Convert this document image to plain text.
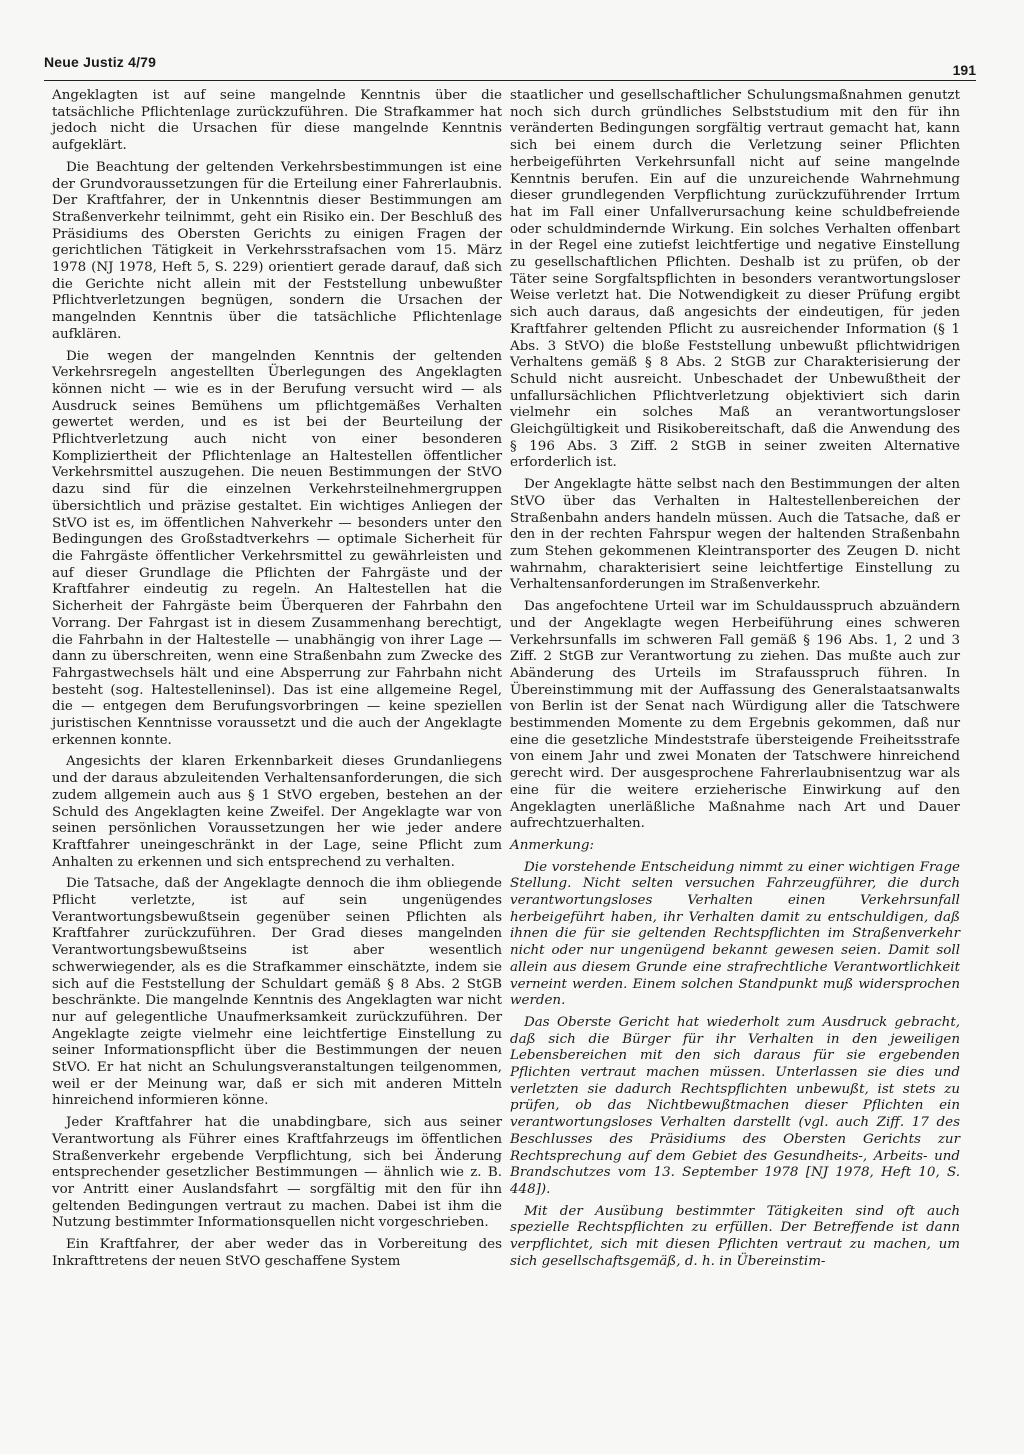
Neue Justiz 4/79	191

Angeklagten ist auf seine mangelnde Kenntnis über die tatsächliche Pflichtenlage zurückzuführen. Die Strafkammer hat jedoch nicht die Ursachen für diese mangelnde Kenntnis aufgeklärt.

Die Beachtung der geltenden Verkehrsbestimmungen ist eine der Grundvoraussetzungen für die Erteilung einer Fahrerlaubnis. Der Kraftfahrer, der in Unkenntnis dieser Bestimmungen am Straßenverkehr teilnimmt, geht ein Risiko ein. Der Beschluß des Präsidiums des Obersten Gerichts zu einigen Fragen der gerichtlichen Tätigkeit in Verkehrsstrafsachen vom 15. März 1978 (NJ 1978, Heft 5, S. 229) orientiert gerade darauf, daß sich die Gerichte nicht allein mit der Feststellung unbewußter Pflichtverletzungen begnügen, sondern die Ursachen der mangelnden Kenntnis über die tatsächliche Pflichtenlage aufklären.

Die wegen der mangelnden Kenntnis der geltenden Verkehrsregeln angestellten Überlegungen des Angeklagten können nicht — wie es in der Berufung versucht wird — als Ausdruck seines Bemühens um pflichtgemäßes Verhalten gewertet werden, und es ist bei der Beurteilung der Pflichtverletzung auch nicht von einer besonderen Kompliziertheit der Pflichtenlage an Haltestellen öffentlicher Verkehrsmittel auszugehen. Die neuen Bestimmungen der StVO dazu sind für die einzelnen Verkehrsteilnehmergruppen übersichtlich und präzise gestaltet. Ein wichtiges Anliegen der StVO ist es, im öffentlichen Nahverkehr — besonders unter den Bedingungen des Großstadtverkehrs — optimale Sicherheit für die Fahrgäste öffentlicher Verkehrsmittel zu gewährleisten und auf dieser Grundlage die Pflichten der Fahrgäste und der Kraftfahrer eindeutig zu regeln. An Haltestellen hat die Sicherheit der Fahrgäste beim Überqueren der Fahrbahn den Vorrang. Der Fahrgast ist in diesem Zusammenhang berechtigt, die Fahrbahn in der Haltestelle — unabhängig von ihrer Lage — dann zu überschreiten, wenn eine Straßenbahn zum Zwecke des Fahrgastwechsels hält und eine Absperrung zur Fahrbahn nicht besteht (sog. Haltestelleninsel). Das ist eine allgemeine Regel, die — entgegen dem Berufungsvorbringen — keine speziellen juristischen Kenntnisse voraussetzt und die auch der Angeklagte erkennen konnte.

Angesichts der klaren Erkennbarkeit dieses Grundanliegens und der daraus abzuleitenden Verhaltensanforderungen, die sich zudem allgemein auch aus § 1 StVO ergeben, bestehen an der Schuld des Angeklagten keine Zweifel. Der Angeklagte war von seinen persönlichen Voraussetzungen her wie jeder andere Kraftfahrer uneingeschränkt in der Lage, seine Pflicht zum Anhalten zu erkennen und sich entsprechend zu verhalten.

Die Tatsache, daß der Angeklagte dennoch die ihm obliegende Pflicht verletzte, ist auf sein ungenügendes Verantwortungsbewußtsein gegenüber seinen Pflichten als Kraftfahrer zurückzuführen. Der Grad dieses mangelnden Verantwortungsbewußtseins ist aber wesentlich schwerwiegender, als es die Strafkammer einschätzte, indem sie sich auf die Feststellung der Schuldart gemäß § 8 Abs. 2 StGB beschränkte. Die mangelnde Kenntnis des Angeklagten war nicht nur auf gelegentliche Unaufmerksamkeit zurückzuführen. Der Angeklagte zeigte vielmehr eine leichtfertige Einstellung zu seiner Informationspflicht über die Bestimmungen der neuen StVO. Er hat nicht an Schulungsveranstaltungen teilgenommen, weil er der Meinung war, daß er sich mit anderen Mitteln hinreichend informieren könne.

Jeder Kraftfahrer hat die unabdingbare, sich aus seiner Verantwortung als Führer eines Kraftfahrzeugs im öffentlichen Straßenverkehr ergebende Verpflichtung, sich bei Änderung entsprechender gesetzlicher Bestimmungen — ähnlich wie z. B. vor Antritt einer Auslandsfahrt — sorgfältig mit den für ihn geltenden Bedingungen vertraut zu machen. Dabei ist ihm die Nutzung bestimmter Informationsquellen nicht vorgeschrieben.

Ein Kraftfahrer, der aber weder das in Vorbereitung des Inkrafttretens der neuen StVO geschaffene System

staatlicher und gesellschaftlicher Schulungsmaßnahmen genutzt noch sich durch gründliches Selbststudium mit den für ihn veränderten Bedingungen sorgfältig vertraut gemacht hat, kann sich bei einem durch die Verletzung seiner Pflichten herbeigeführten Verkehrsunfall nicht auf seine mangelnde Kenntnis berufen. Ein auf die unzureichende Wahrnehmung dieser grundlegenden Verpflichtung zurückzuführender Irrtum hat im Fall einer Unfallverursachung keine schuldbefreiende oder schuldmindernde Wirkung. Ein solches Verhalten offenbart in der Regel eine zutiefst leichtfertige und negative Einstellung zu gesellschaftlichen Pflichten. Deshalb ist zu prüfen, ob der Täter seine Sorgfaltspflichten in besonders verantwortungsloser Weise verletzt hat. Die Notwendigkeit zu dieser Prüfung ergibt sich auch daraus, daß angesichts der eindeutigen, für jeden Kraftfahrer geltenden Pflicht zu ausreichender Information (§ 1 Abs. 3 StVO) die bloße Feststellung unbewußt pflichtwidrigen Verhaltens gemäß § 8 Abs. 2 StGB zur Charakterisierung der Schuld nicht ausreicht. Unbeschadet der Unbewußtheit der unfallursächlichen Pflichtverletzung objektiviert sich darin vielmehr ein solches Maß an verantwortungsloser Gleichgültigkeit und Risikobereitschaft, daß die Anwendung des § 196 Abs. 3 Ziff. 2 StGB in seiner zweiten Alternative erforderlich ist.

Der Angeklagte hätte selbst nach den Bestimmungen der alten StVO über das Verhalten in Haltestellenbereichen der Straßenbahn anders handeln müssen. Auch die Tatsache, daß er den in der rechten Fahrspur wegen der haltenden Straßenbahn zum Stehen gekommenen Kleintransporter des Zeugen D. nicht wahrnahm, charakterisiert seine leichtfertige Einstellung zu Verhaltensanforderungen im Straßenverkehr.

Das angefochtene Urteil war im Schuldausspruch abzuändern und der Angeklagte wegen Herbeiführung eines schweren Verkehrsunfalls im schweren Fall gemäß § 196 Abs. 1, 2 und 3 Ziff. 2 StGB zur Verantwortung zu ziehen. Das mußte auch zur Abänderung des Urteils im Strafausspruch führen. In Übereinstimmung mit der Auffassung des Generalstaatsanwalts von Berlin ist der Senat nach Würdigung aller die Tatschwere bestimmenden Momente zu dem Ergebnis gekommen, daß nur eine die gesetzliche Mindeststrafe übersteigende Freiheitsstrafe von einem Jahr und zwei Monaten der Tatschwere hinreichend gerecht wird. Der ausgesprochene Fahrerlaubnisentzug war als eine für die weitere erzieherische Einwirkung auf den Angeklagten unerläßliche Maßnahme nach Art und Dauer aufrechtzuerhalten.

Anmerkung:

Die vorstehende Entscheidung nimmt zu einer wichtigen Frage Stellung. Nicht selten versuchen Fahrzeugführer, die durch verantwortungsloses Verhalten einen Verkehrsunfall herbeigeführt haben, ihr Verhalten damit zu entschuldigen, daß ihnen die für sie geltenden Rechtspflichten im Straßenverkehr nicht oder nur ungenügend bekannt gewesen seien. Damit soll allein aus diesem Grunde eine strafrechtliche Verantwortlichkeit verneint werden. Einem solchen Standpunkt muß widersprochen werden.

Das Oberste Gericht hat wiederholt zum Ausdruck gebracht, daß sich die Bürger für ihr Verhalten in den jeweiligen Lebensbereichen mit den sich daraus für sie ergebenden Pflichten vertraut machen müssen. Unterlassen sie dies und verletzten sie dadurch Rechtspflichten unbewußt, ist stets zu prüfen, ob das Nichtbewußtmachen dieser Pflichten ein verantwortungsloses Verhalten darstellt (vgl. auch Ziff. 17 des Beschlusses des Präsidiums des Obersten Gerichts zur Rechtsprechung auf dem Gebiet des Gesundheits-, Arbeits- und Brandschutzes vom 13. September 1978 [NJ 1978, Heft 10, S. 448]).

Mit der Ausübung bestimmter Tätigkeiten sind oft auch spezielle Rechtspflichten zu erfüllen. Der Betreffende ist dann verpflichtet, sich mit diesen Pflichten vertraut zu machen, um sich gesellschaftsgemäß, d. h. in Übereinstim-
